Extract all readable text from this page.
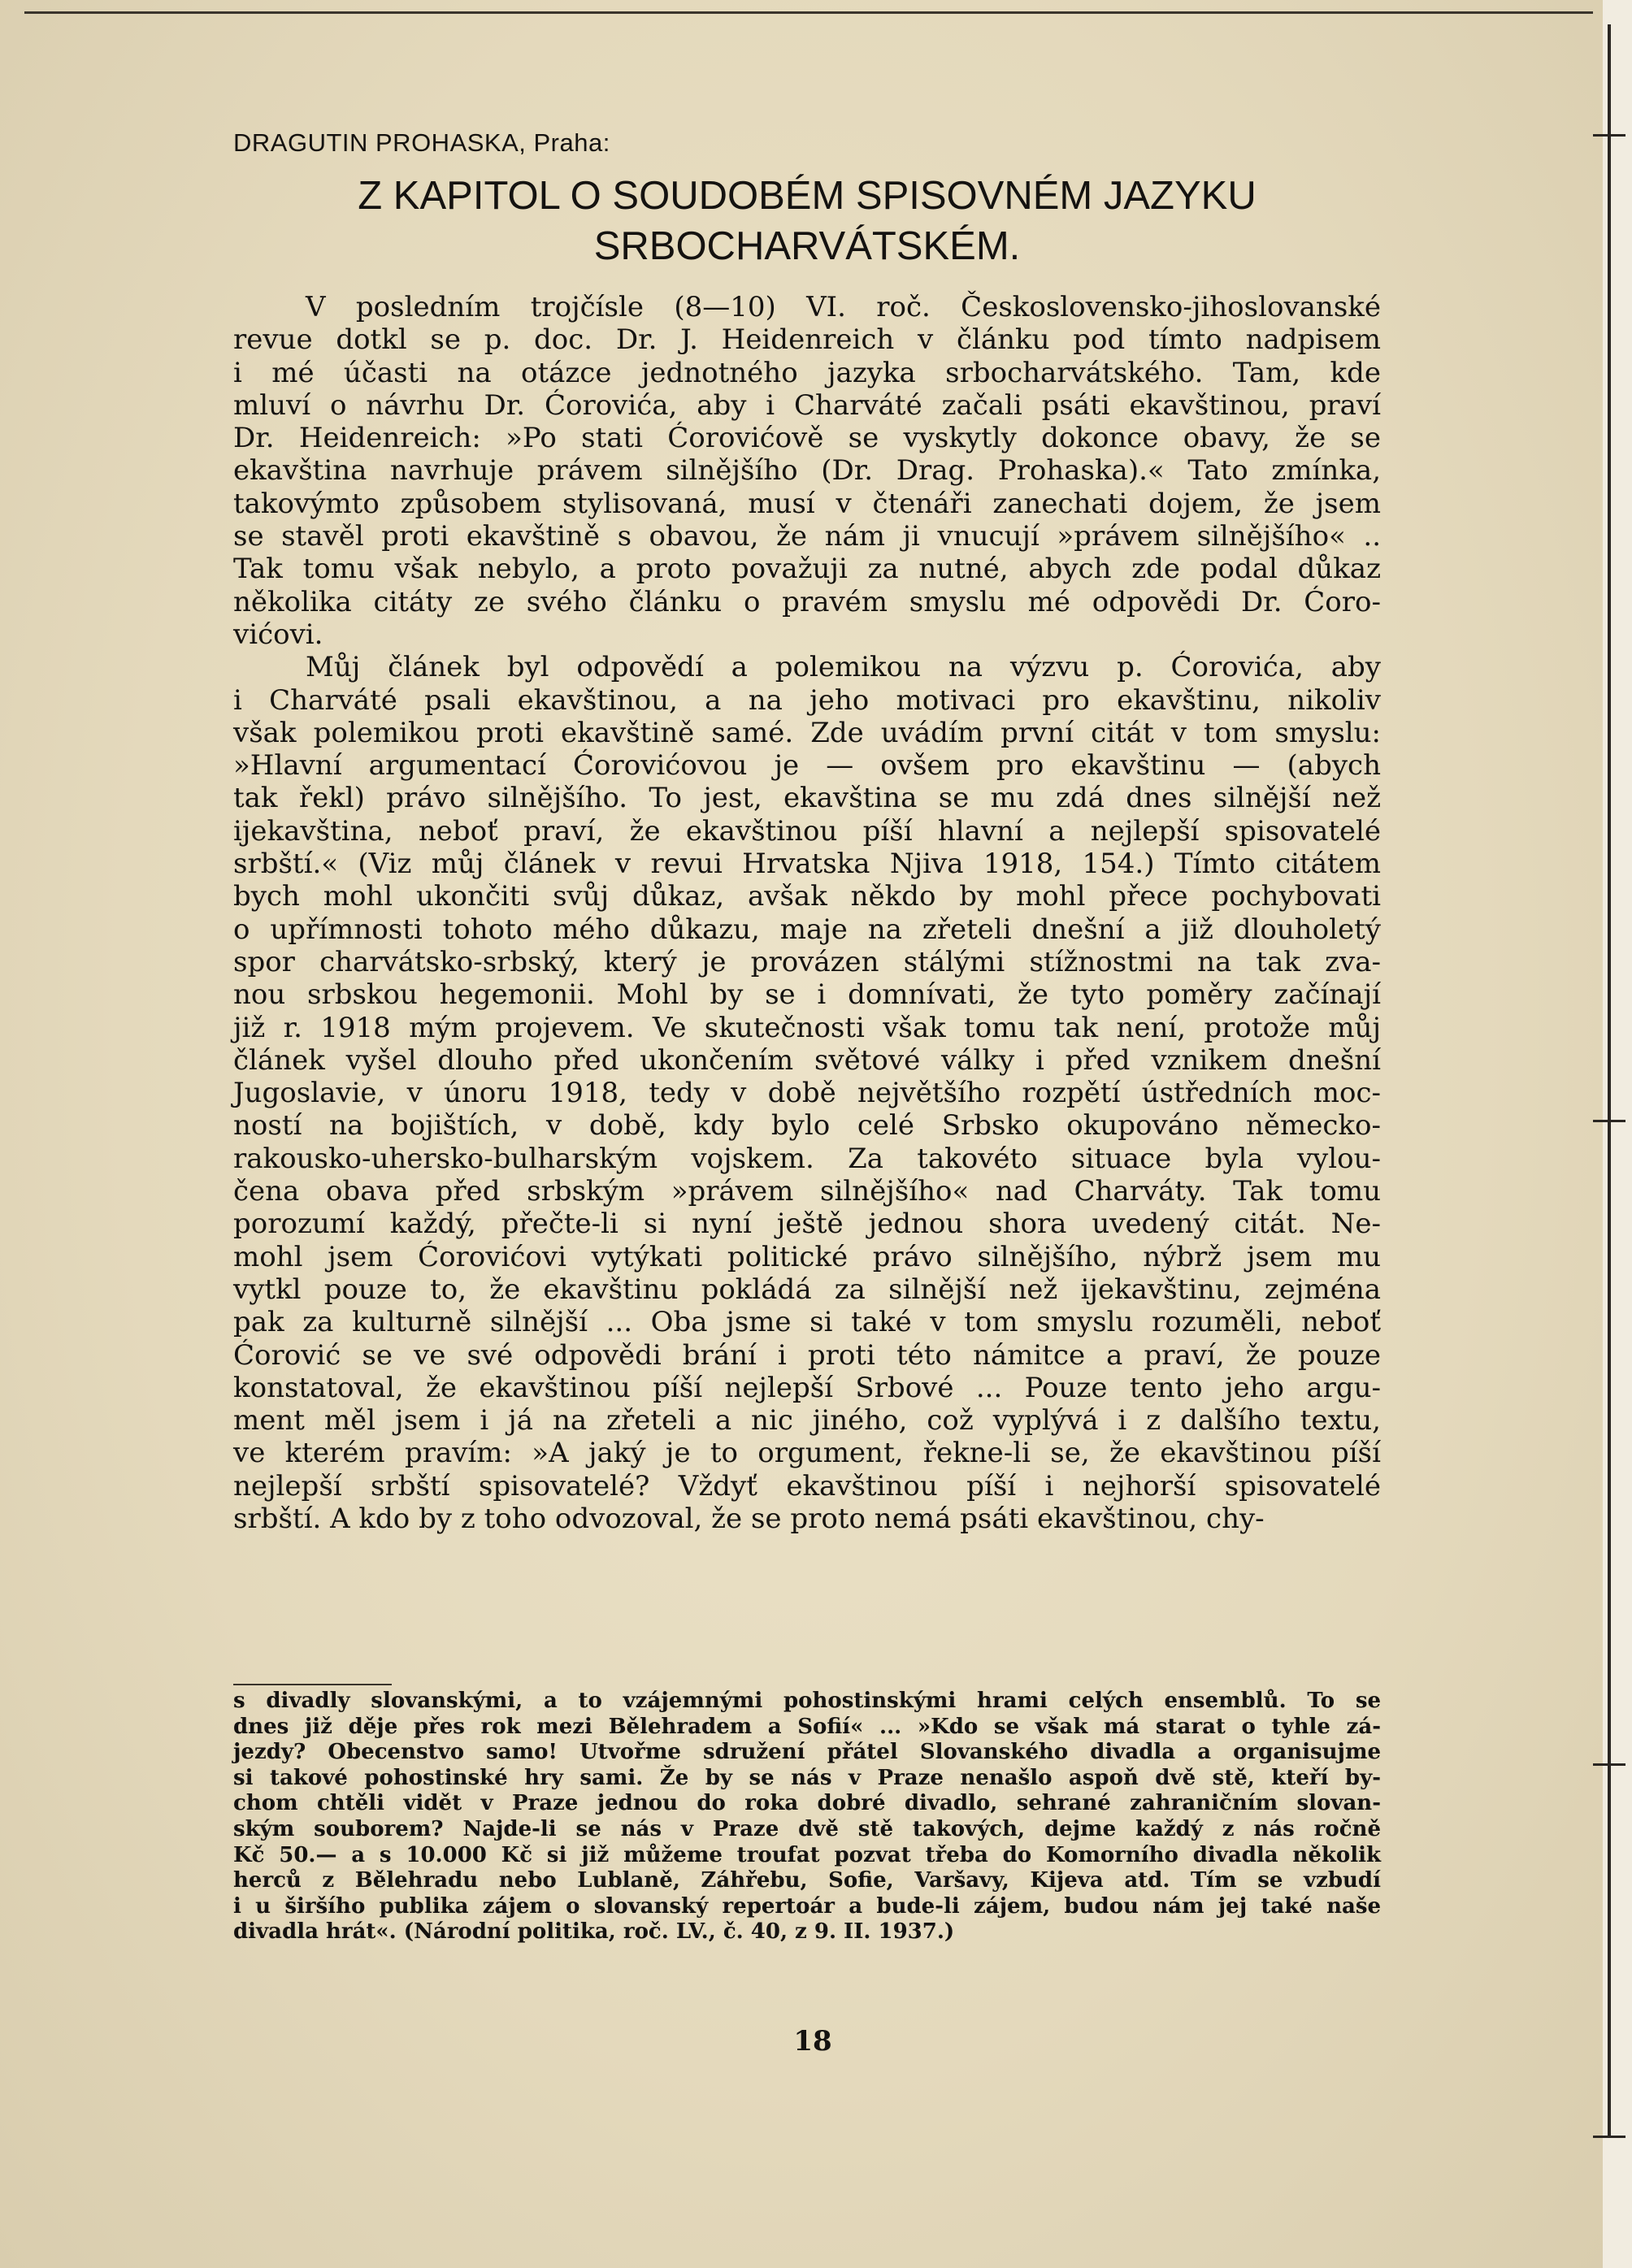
DRAGUTIN PROHASKA, Praha:
Z KAPITOL O SOUDOBÉM SPISOVNÉM JAZYKU
SRBOCHARVÁTSKÉM.
V posledním trojčísle (8—10) VI. roč. Československo-jihoslovanské
revue dotkl se p. doc. Dr. J. Heidenreich v článku pod tímto nadpisem
i mé účasti na otázce jednotného jazyka srbocharvátského. Tam, kde
mluví o návrhu Dr. Ćorovića, aby i Charváté začali psáti ekavštinou, praví
Dr. Heidenreich: »Po stati Ćorovićově se vyskytly dokonce obavy, že se
ekavština navrhuje právem silnějšího (Dr. Drag. Prohaska).« Tato zmínka,
takovýmto způsobem stylisovaná, musí v čtenáři zanechati dojem, že jsem
se stavěl proti ekavštině s obavou, že nám ji vnucují »právem silnějšího« ..
Tak tomu však nebylo, a proto považuji za nutné, abych zde podal důkaz
několika citáty ze svého článku o pravém smyslu mé odpovědi Dr. Ćoro-
vićovi.
Můj článek byl odpovědí a polemikou na výzvu p. Ćorovića, aby
i Charváté psali ekavštinou, a na jeho motivaci pro ekavštinu, nikoliv
však polemikou proti ekavštině samé. Zde uvádím první citát v tom smyslu:
»Hlavní argumentací Ćorovićovou je — ovšem pro ekavštinu — (abych
tak řekl) právo silnějšího. To jest, ekavština se mu zdá dnes silnější než
ijekavština, neboť praví, že ekavštinou píší hlavní a nejlepší spisovatelé
srbští.« (Viz můj článek v revui Hrvatska Njiva 1918, 154.) Tímto citátem
bych mohl ukončiti svůj důkaz, avšak někdo by mohl přece pochybovati
o upřímnosti tohoto mého důkazu, maje na zřeteli dnešní a již dlouholetý
spor charvátsko-srbský, který je provázen stálými stížnostmi na tak zva-
nou srbskou hegemonii. Mohl by se i domnívati, že tyto poměry začínají
již r. 1918 mým projevem. Ve skutečnosti však tomu tak není, protože můj
článek vyšel dlouho před ukončením světové války i před vznikem dnešní
Jugoslavie, v únoru 1918, tedy v době největšího rozpětí ústředních moc-
ností na bojištích, v době, kdy bylo celé Srbsko okupováno německo-
rakousko-uhersko-bulharským vojskem. Za takovéto situace byla vylou-
čena obava před srbským »právem silnějšího« nad Charváty. Tak tomu
porozumí každý, přečte-li si nyní ještě jednou shora uvedený citát. Ne-
mohl jsem Ćorovićovi vytýkati politické právo silnějšího, nýbrž jsem mu
vytkl pouze to, že ekavštinu pokládá za silnější než ijekavštinu, zejména
pak za kulturně silnější ... Oba jsme si také v tom smyslu rozuměli, neboť
Ćorović se ve své odpovědi brání i proti této námitce a praví, že pouze
konstatoval, že ekavštinou píší nejlepší Srbové ... Pouze tento jeho argu-
ment měl jsem i já na zřeteli a nic jiného, což vyplývá i z dalšího textu,
ve kterém pravím: »A jaký je to orgument, řekne-li se, že ekavštinou píší
nejlepší srbští spisovatelé? Vždyť ekavštinou píší i nejhorší spisovatelé
srbští. A kdo by z toho odvozoval, že se proto nemá psáti ekavštinou, chy-
s divadly slovanskými, a to vzájemnými pohostinskými hrami celých ensemblů. To se
dnes již děje přes rok mezi Bělehradem a Sofií« ... »Kdo se však má starat o tyhle zá-
jezdy? Obecenstvo samo! Utvořme sdružení přátel Slovanského divadla a organisujme
si takové pohostinské hry sami. Že by se nás v Praze nenašlo aspoň dvě stě, kteří by-
chom chtěli vidět v Praze jednou do roka dobré divadlo, sehrané zahraničním slovan-
ským souborem? Najde-li se nás v Praze dvě stě takových, dejme každý z nás ročně
Kč 50.— a s 10.000 Kč si již můžeme troufat pozvat třeba do Komorního divadla několik
herců z Bělehradu nebo Lublaně, Záhřebu, Sofie, Varšavy, Kijeva atd. Tím se vzbudí
i u širšího publika zájem o slovanský repertoár a bude-li zájem, budou nám jej také naše
divadla hrát«. (Národní politika, roč. LV., č. 40, z 9. II. 1937.)
18
